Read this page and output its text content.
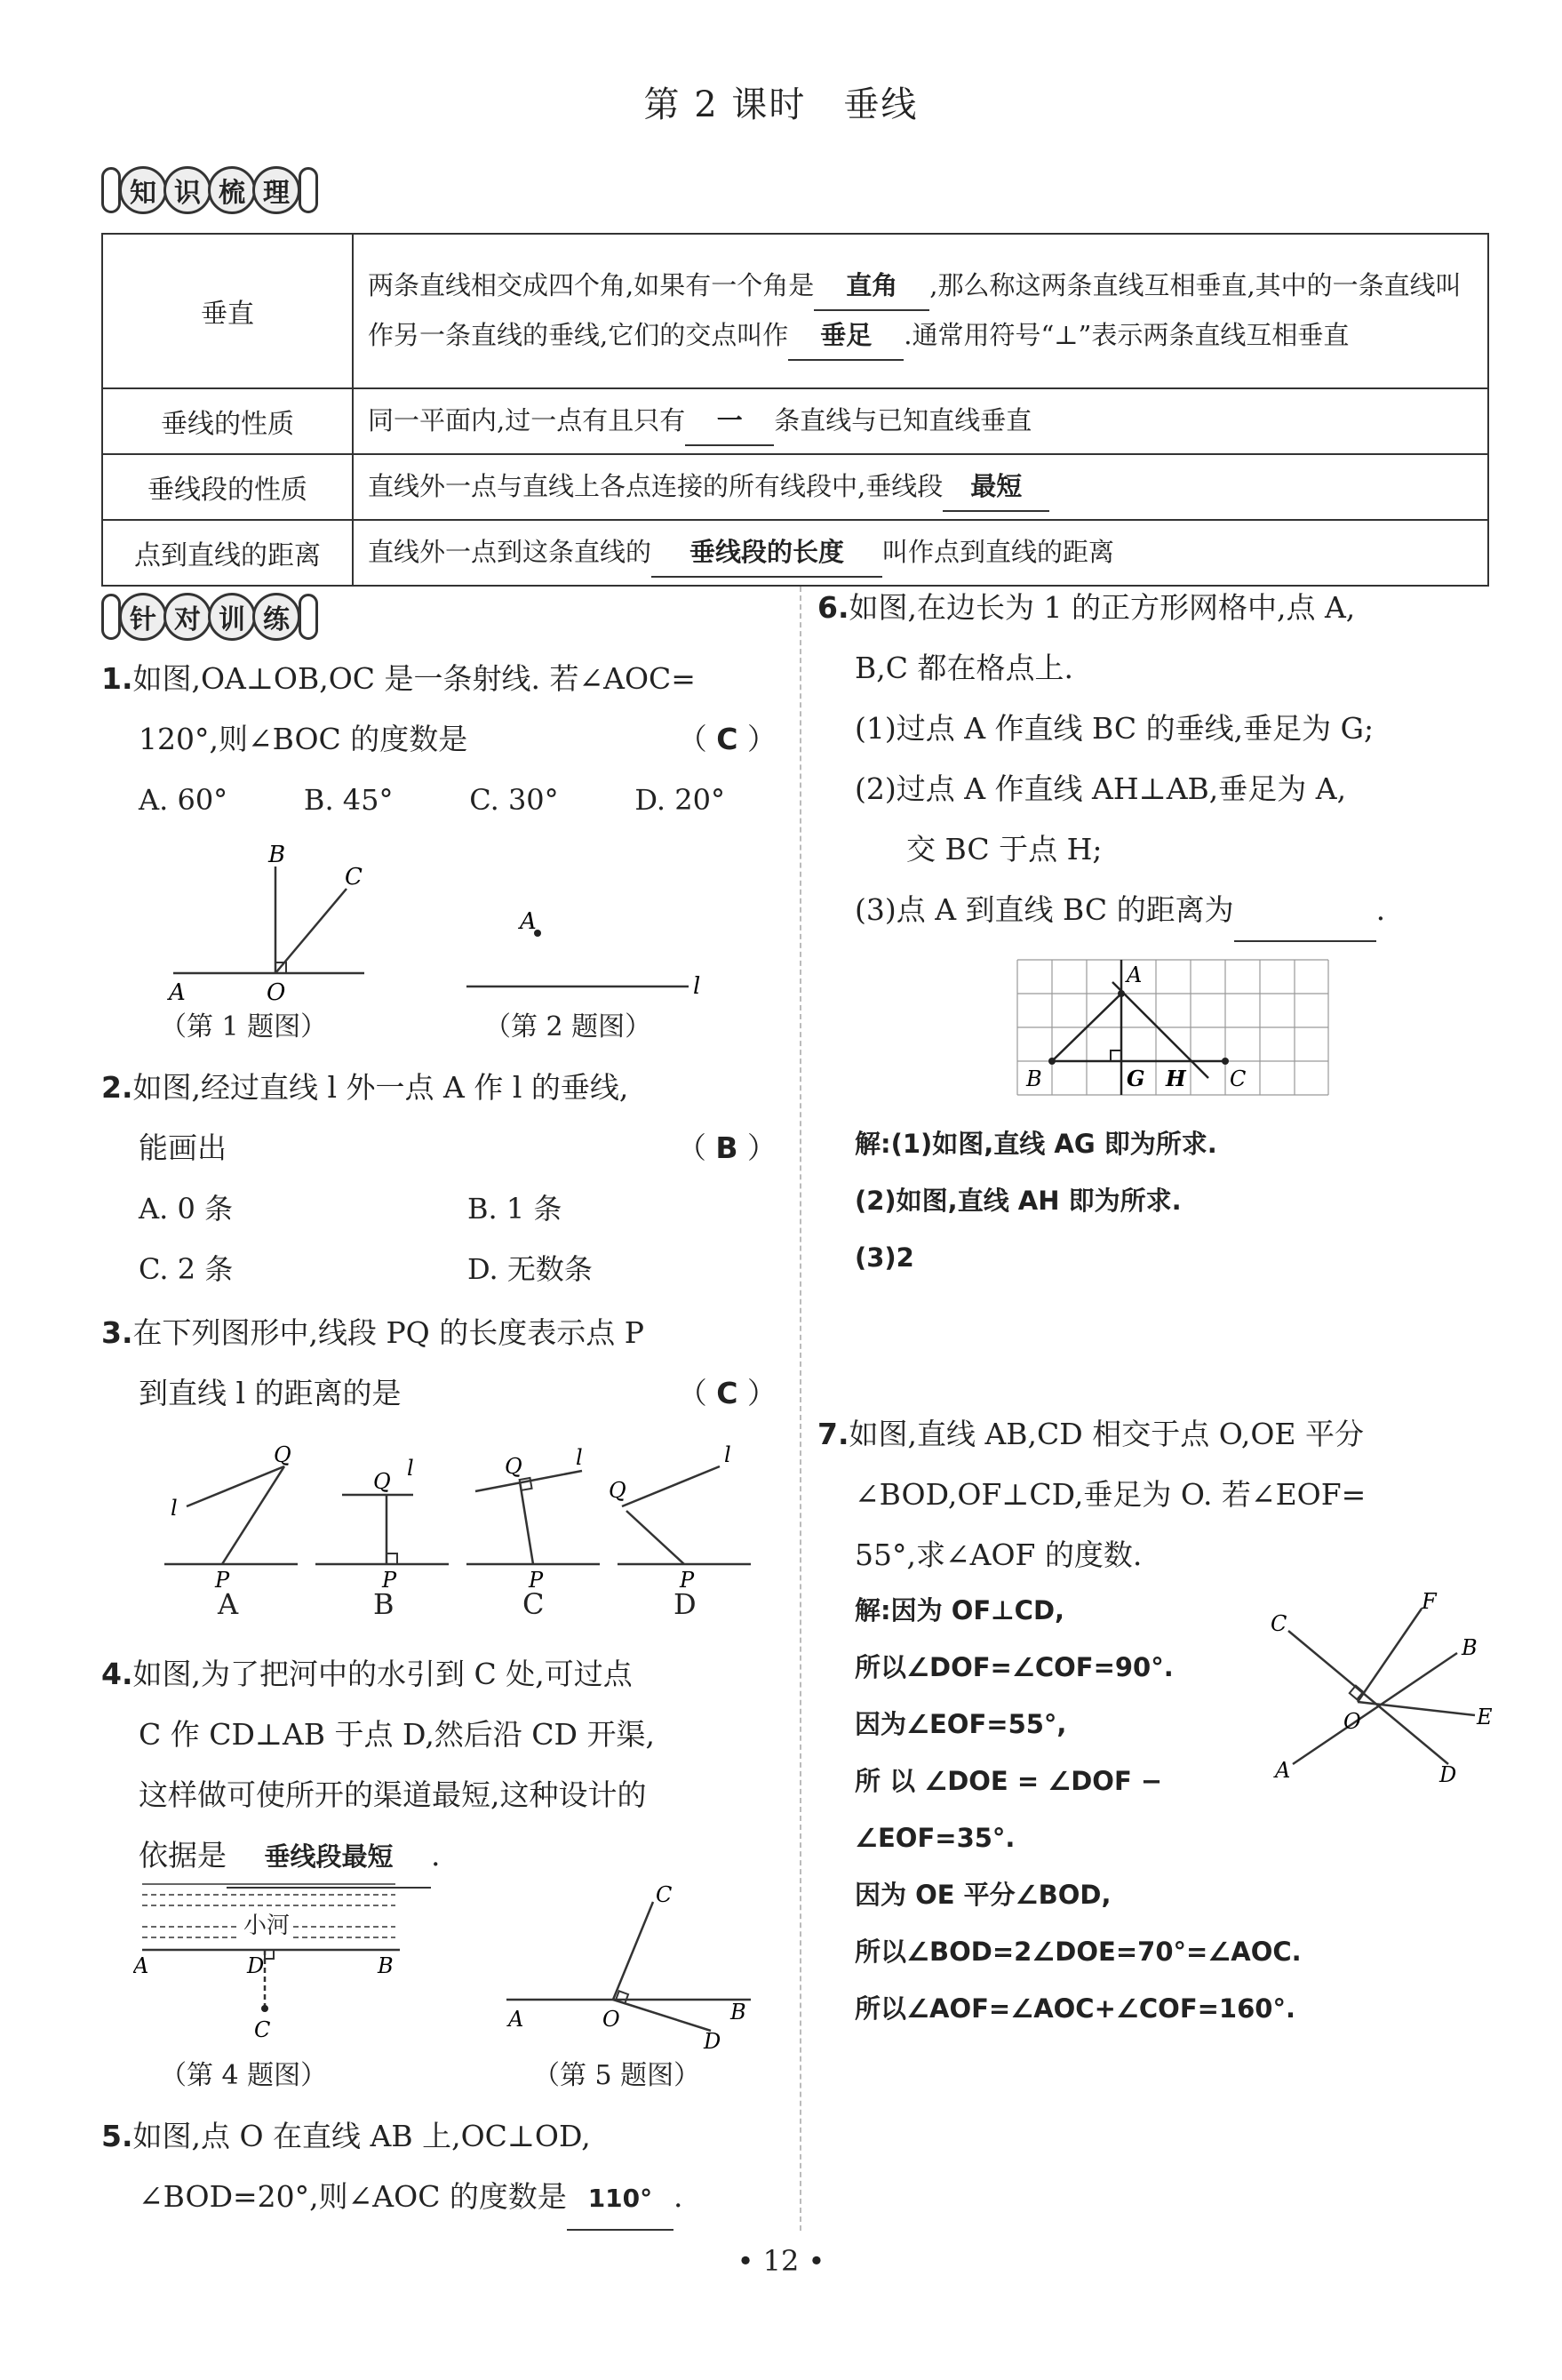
第 2 课时　垂线
知 识 梳 理
垂直	两条直线相交成四个角,如果有一个角是 直角 ,那么称这两条直线互相垂直,其中的一条直线叫作另一条直线的垂线,它们的交点叫作 垂足 .通常用符号“⊥”表示两条直线互相垂直
垂线的性质	同一平面内,过一点有且只有 一 条直线与已知直线垂直
垂线段的性质	直线外一点与直线上各点连接的所有线段中,垂线段 最短
点到直线的距离	直线外一点到这条直线的 垂线段的长度 叫作点到直线的距离
针 对 训 练
1.如图,OA⊥OB,OC 是一条射线. 若∠AOC=
120°,则∠BOC 的度数是	（ C ）
A. 60°	B. 45°	C. 30°	D. 20°
B
C
A	O
（第 1 题图）
A
l
（第 2 题图）
2.如图,经过直线 l 外一点 A 作 l 的垂线,
能画出	（ B ）
A. 0 条	B. 1 条
C. 2 条	D. 无数条
3.在下列图形中,线段 PQ 的长度表示点 P
到直线 l 的距离的是	（ C ）
Q
P
l
Q
l
P
Q	l
P
Q
l
P
A	B	C	D
4.如图,为了把河中的水引到 C 处,可过点
C 作 CD⊥AB 于点 D,然后沿 CD 开渠,
这样做可使所开的渠道最短,这种设计的
依据是 垂线段最短 .
A	D	B
C
小河
（第 4 题图）
C
A	O	B
D
（第 5 题图）
5.如图,点 O 在直线 AB 上,OC⊥OD,
∠BOD=20°,则∠AOC 的度数是 110° .
6.如图,在边长为 1 的正方形网格中,点 A,
B,C 都在格点上.
(1)过点 A 作直线 BC 的垂线,垂足为 G;
(2)过点 A 作直线 AH⊥AB,垂足为 A,
交 BC 于点 H;
(3)点 A 到直线 BC 的距离为	.
A
B	G H C
解:(1)如图,直线 AG 即为所求.
(2)如图,直线 AH 即为所求.
(3)2
7.如图,直线 AB,CD 相交于点 O,OE 平分
∠BOD,OF⊥CD,垂足为 O. 若∠EOF=
55°,求∠AOF 的度数.
解:因为 OF⊥CD,
所以∠DOF=∠COF=90°.
因为∠EOF=55°,
所 以 ∠DOE = ∠DOF −
∠EOF=35°.
因为 OE 平分∠BOD,
所以∠BOD=2∠DOE=70°=∠AOC.
所以∠AOF=∠AOC+∠COF=160°.
C
F
B
E
O
A	D
• 12 •
